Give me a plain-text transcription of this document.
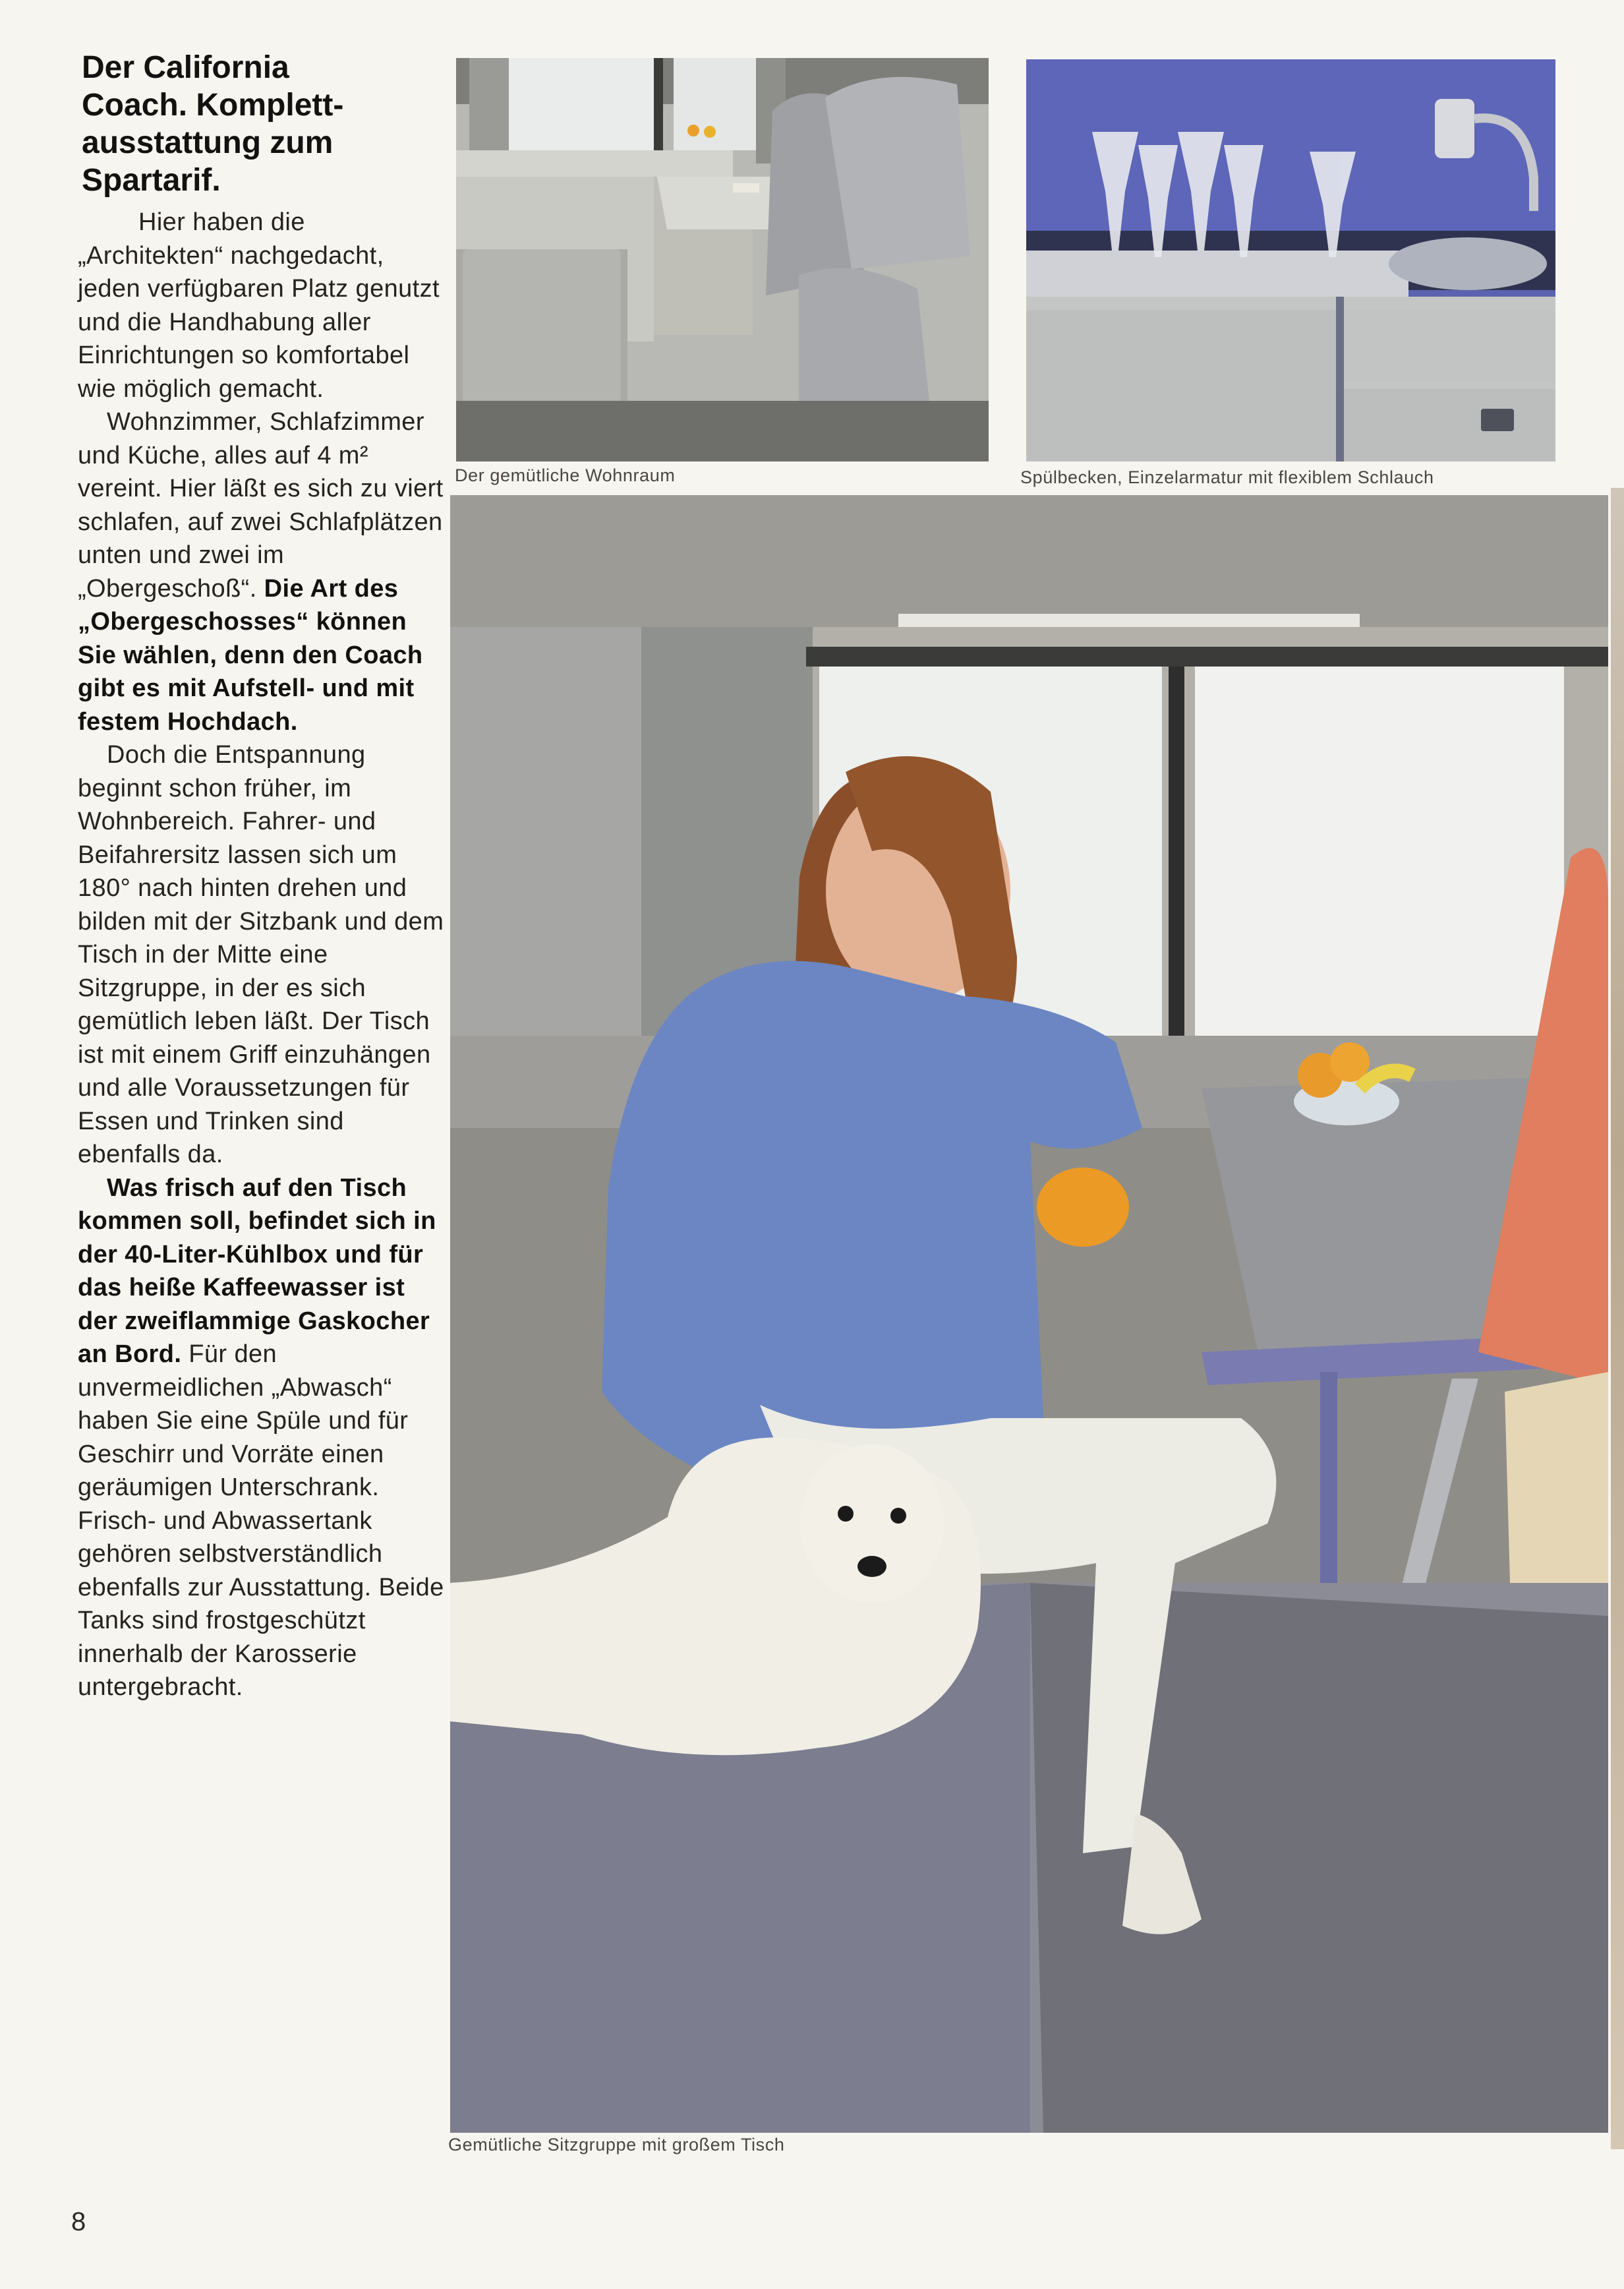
Der California
Coach. Komplett-
ausstattung zum
Spartarif.

Hier haben die „Architekten“ nachgedacht, jeden verfügbaren Platz genutzt und die Handhabung aller Einrichtungen so komfortabel wie möglich gemacht.

Wohnzimmer, Schlafzimmer und Küche, alles auf 4 m² vereint. Hier läßt es sich zu viert schlafen, auf zwei Schlafplätzen unten und zwei im „Obergeschoß“. Die Art des „Obergeschosses“ können Sie wählen, denn den Coach gibt es mit Aufstell- und mit festem Hochdach.

Doch die Entspannung beginnt schon früher, im Wohnbereich. Fahrer- und Beifahrersitz lassen sich um 180° nach hinten drehen und bilden mit der Sitzbank und dem Tisch in der Mitte eine Sitzgruppe, in der es sich gemütlich leben läßt. Der Tisch ist mit einem Griff einzuhängen und alle Voraussetzungen für Essen und Trinken sind ebenfalls da.

Was frisch auf den Tisch kommen soll, befindet sich in der 40-Liter-Kühlbox und für das heiße Kaffeewasser ist der zweiflammige Gaskocher an Bord. Für den unvermeidlichen „Abwasch“ haben Sie eine Spüle und für Geschirr und Vorräte einen geräumigen Unterschrank. Frisch- und Abwassertank gehören selbstverständlich ebenfalls zur Ausstattung. Beide Tanks sind frostgeschützt innerhalb der Karosserie untergebracht.

Der gemütliche Wohnraum	Spülbecken, Einzelarmatur mit flexiblem Schlauch
Gemütliche Sitzgruppe mit großem Tisch
8
